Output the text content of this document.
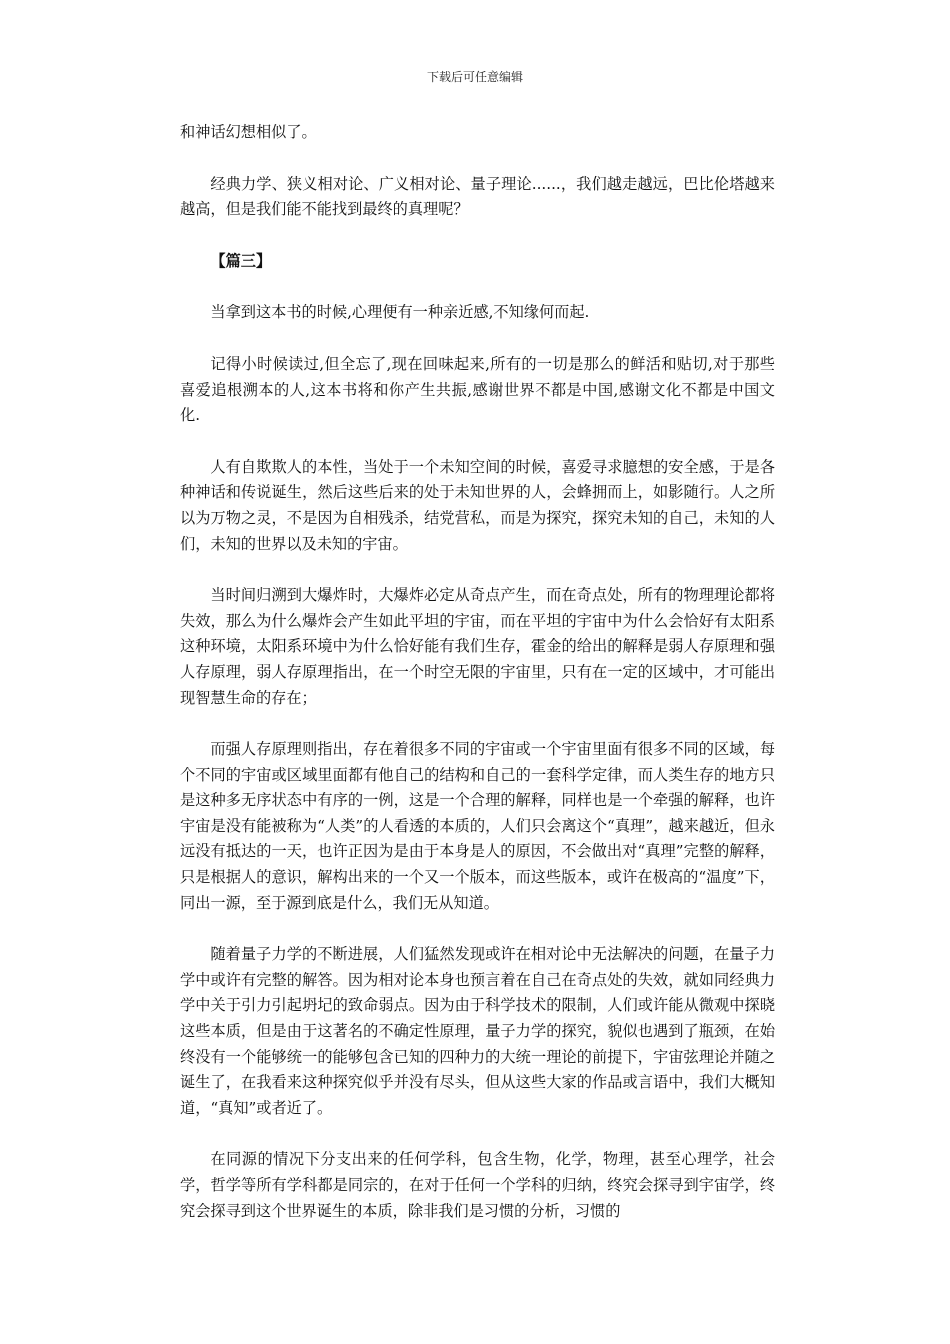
下载后可任意编辑

和神话幻想相似了。

经典力学、狭义相对论、广义相对论、量子理论......，我们越走越远，巴比伦塔越来越高，但是我们能不能找到最终的真理呢？

【篇三】

当拿到这本书的时候,心理便有一种亲近感,不知缘何而起.

记得小时候读过,但全忘了,现在回味起来,所有的一切是那么的鲜活和贴切,对于那些喜爱追根溯本的人,这本书将和你产生共振,感谢世界不都是中国,感谢文化不都是中国文化.

人有自欺欺人的本性，当处于一个未知空间的时候，喜爱寻求臆想的安全感，于是各种神话和传说诞生，然后这些后来的处于未知世界的人，会蜂拥而上，如影随行。人之所以为万物之灵，不是因为自相残杀，结党营私，而是为探究，探究未知的自己，未知的人们，未知的世界以及未知的宇宙。

当时间归溯到大爆炸时，大爆炸必定从奇点产生，而在奇点处，所有的物理理论都将失效，那么为什么爆炸会产生如此平坦的宇宙，而在平坦的宇宙中为什么会恰好有太阳系这种环境，太阳系环境中为什么恰好能有我们生存，霍金的给出的解释是弱人存原理和强人存原理，弱人存原理指出，在一个时空无限的宇宙里，只有在一定的区域中，才可能出现智慧生命的存在；

而强人存原理则指出，存在着很多不同的宇宙或一个宇宙里面有很多不同的区域，每个不同的宇宙或区域里面都有他自己的结构和自己的一套科学定律，而人类生存的地方只是这种多无序状态中有序的一例，这是一个合理的解释，同样也是一个牵强的解释，也许宇宙是没有能被称为“人类”的人看透的本质的，人们只会离这个“真理”，越来越近，但永远没有抵达的一天，也许正因为是由于本身是人的原因，不会做出对“真理”完整的解释，只是根据人的意识，解构出来的一个又一个版本，而这些版本，或许在极高的“温度”下，同出一源，至于源到底是什么，我们无从知道。

随着量子力学的不断进展，人们猛然发现或许在相对论中无法解决的问题，在量子力学中或许有完整的解答。因为相对论本身也预言着在自己在奇点处的失效，就如同经典力学中关于引力引起坍圮的致命弱点。因为由于科学技术的限制，人们或许能从微观中探晓这些本质，但是由于这著名的不确定性原理，量子力学的探究，貌似也遇到了瓶颈，在始终没有一个能够统一的能够包含已知的四种力的大统一理论的前提下，宇宙弦理论并随之诞生了，在我看来这种探究似乎并没有尽头，但从这些大家的作品或言语中，我们大概知道，“真知”或者近了。

在同源的情况下分支出来的任何学科，包含生物，化学，物理，甚至心理学，社会学，哲学等所有学科都是同宗的，在对于任何一个学科的归纳，终究会探寻到宇宙学，终究会探寻到这个世界诞生的本质，除非我们是习惯的分析，习惯的
